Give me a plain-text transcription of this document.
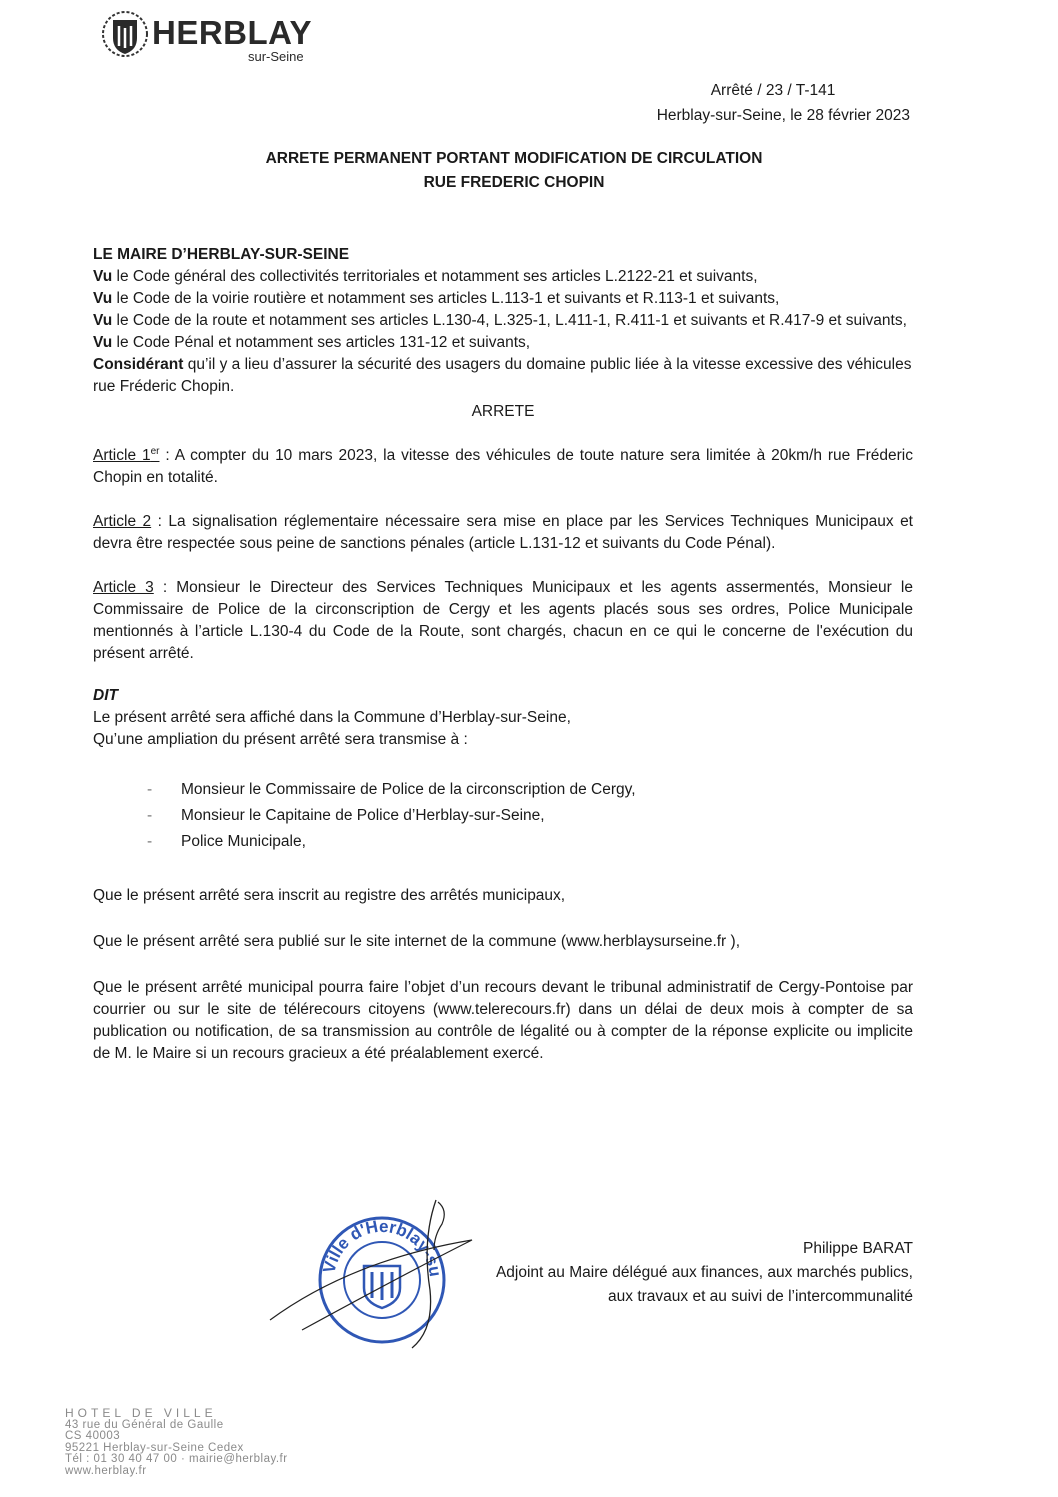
HERBLAY
sur-Seine
Arrêté / 23 / T-141
Herblay-sur-Seine, le 28 février 2023
ARRETE PERMANENT PORTANT MODIFICATION DE CIRCULATION
RUE FREDERIC CHOPIN

LE MAIRE D’HERBLAY-SUR-SEINE

Vu le Code général des collectivités territoriales et notamment ses articles L.2122-21 et suivants,

Vu le Code de la voirie routière et notamment ses articles L.113-1 et suivants et R.113-1 et suivants,

Vu le Code de la route et notamment ses articles L.130-4, L.325-1, L.411-1, R.411-1 et suivants et R.417-9 et suivants,

Vu le Code Pénal et notamment ses articles 131-12 et suivants,

Considérant qu’il y a lieu d’assurer la sécurité des usagers du domaine public liée à la vitesse excessive des véhicules rue Fréderic Chopin.

ARRETE

Article 1er : A compter du 10 mars 2023, la vitesse des véhicules de toute nature sera limitée à 20km/h rue Fréderic Chopin en totalité.

Article 2 : La signalisation réglementaire nécessaire sera mise en place par les Services Techniques Municipaux et devra être respectée sous peine de sanctions pénales (article L.131-12 et suivants du Code Pénal).

Article 3 : Monsieur le Directeur des Services Techniques Municipaux et les agents assermentés, Monsieur le Commissaire de Police de la circonscription de Cergy et les agents placés sous ses ordres, Police Municipale mentionnés à l’article L.130-4 du Code de la Route, sont chargés, chacun en ce qui le concerne de l'exécution du présent arrêté.

DIT

Le présent arrêté sera affiché dans la Commune d’Herblay-sur-Seine,

Qu’une ampliation du présent arrêté sera transmise à :

- Monsieur le Commissaire de Police de la circonscription de Cergy,
- Monsieur le Capitaine de Police d’Herblay-sur-Seine,
- Police Municipale,

Que le présent arrêté sera inscrit au registre des arrêtés municipaux,

Que le présent arrêté sera publié sur le site internet de la commune (www.herblaysurseine.fr ),

Que le présent arrêté municipal pourra faire l’objet d’un recours devant le tribunal administratif de Cergy-Pontoise par courrier ou sur le site de télérecours citoyens (www.telerecours.fr) dans un délai de deux mois à compter de sa publication ou notification, de sa transmission au contrôle de légalité ou à compter de la réponse explicite ou implicite de M. le Maire si un recours gracieux a été préalablement exercé.

Ville d'Herblay-su
Philippe BARAT
Adjoint au Maire délégué aux finances, aux marchés publics,
aux travaux et au suivi de l’intercommunalité
HOTEL DE VILLE
43 rue du Général de Gaulle
CS 40003
95221 Herblay-sur-Seine Cedex
Tél : 01 30 40 47 00 · mairie@herblay.fr
www.herblay.fr
